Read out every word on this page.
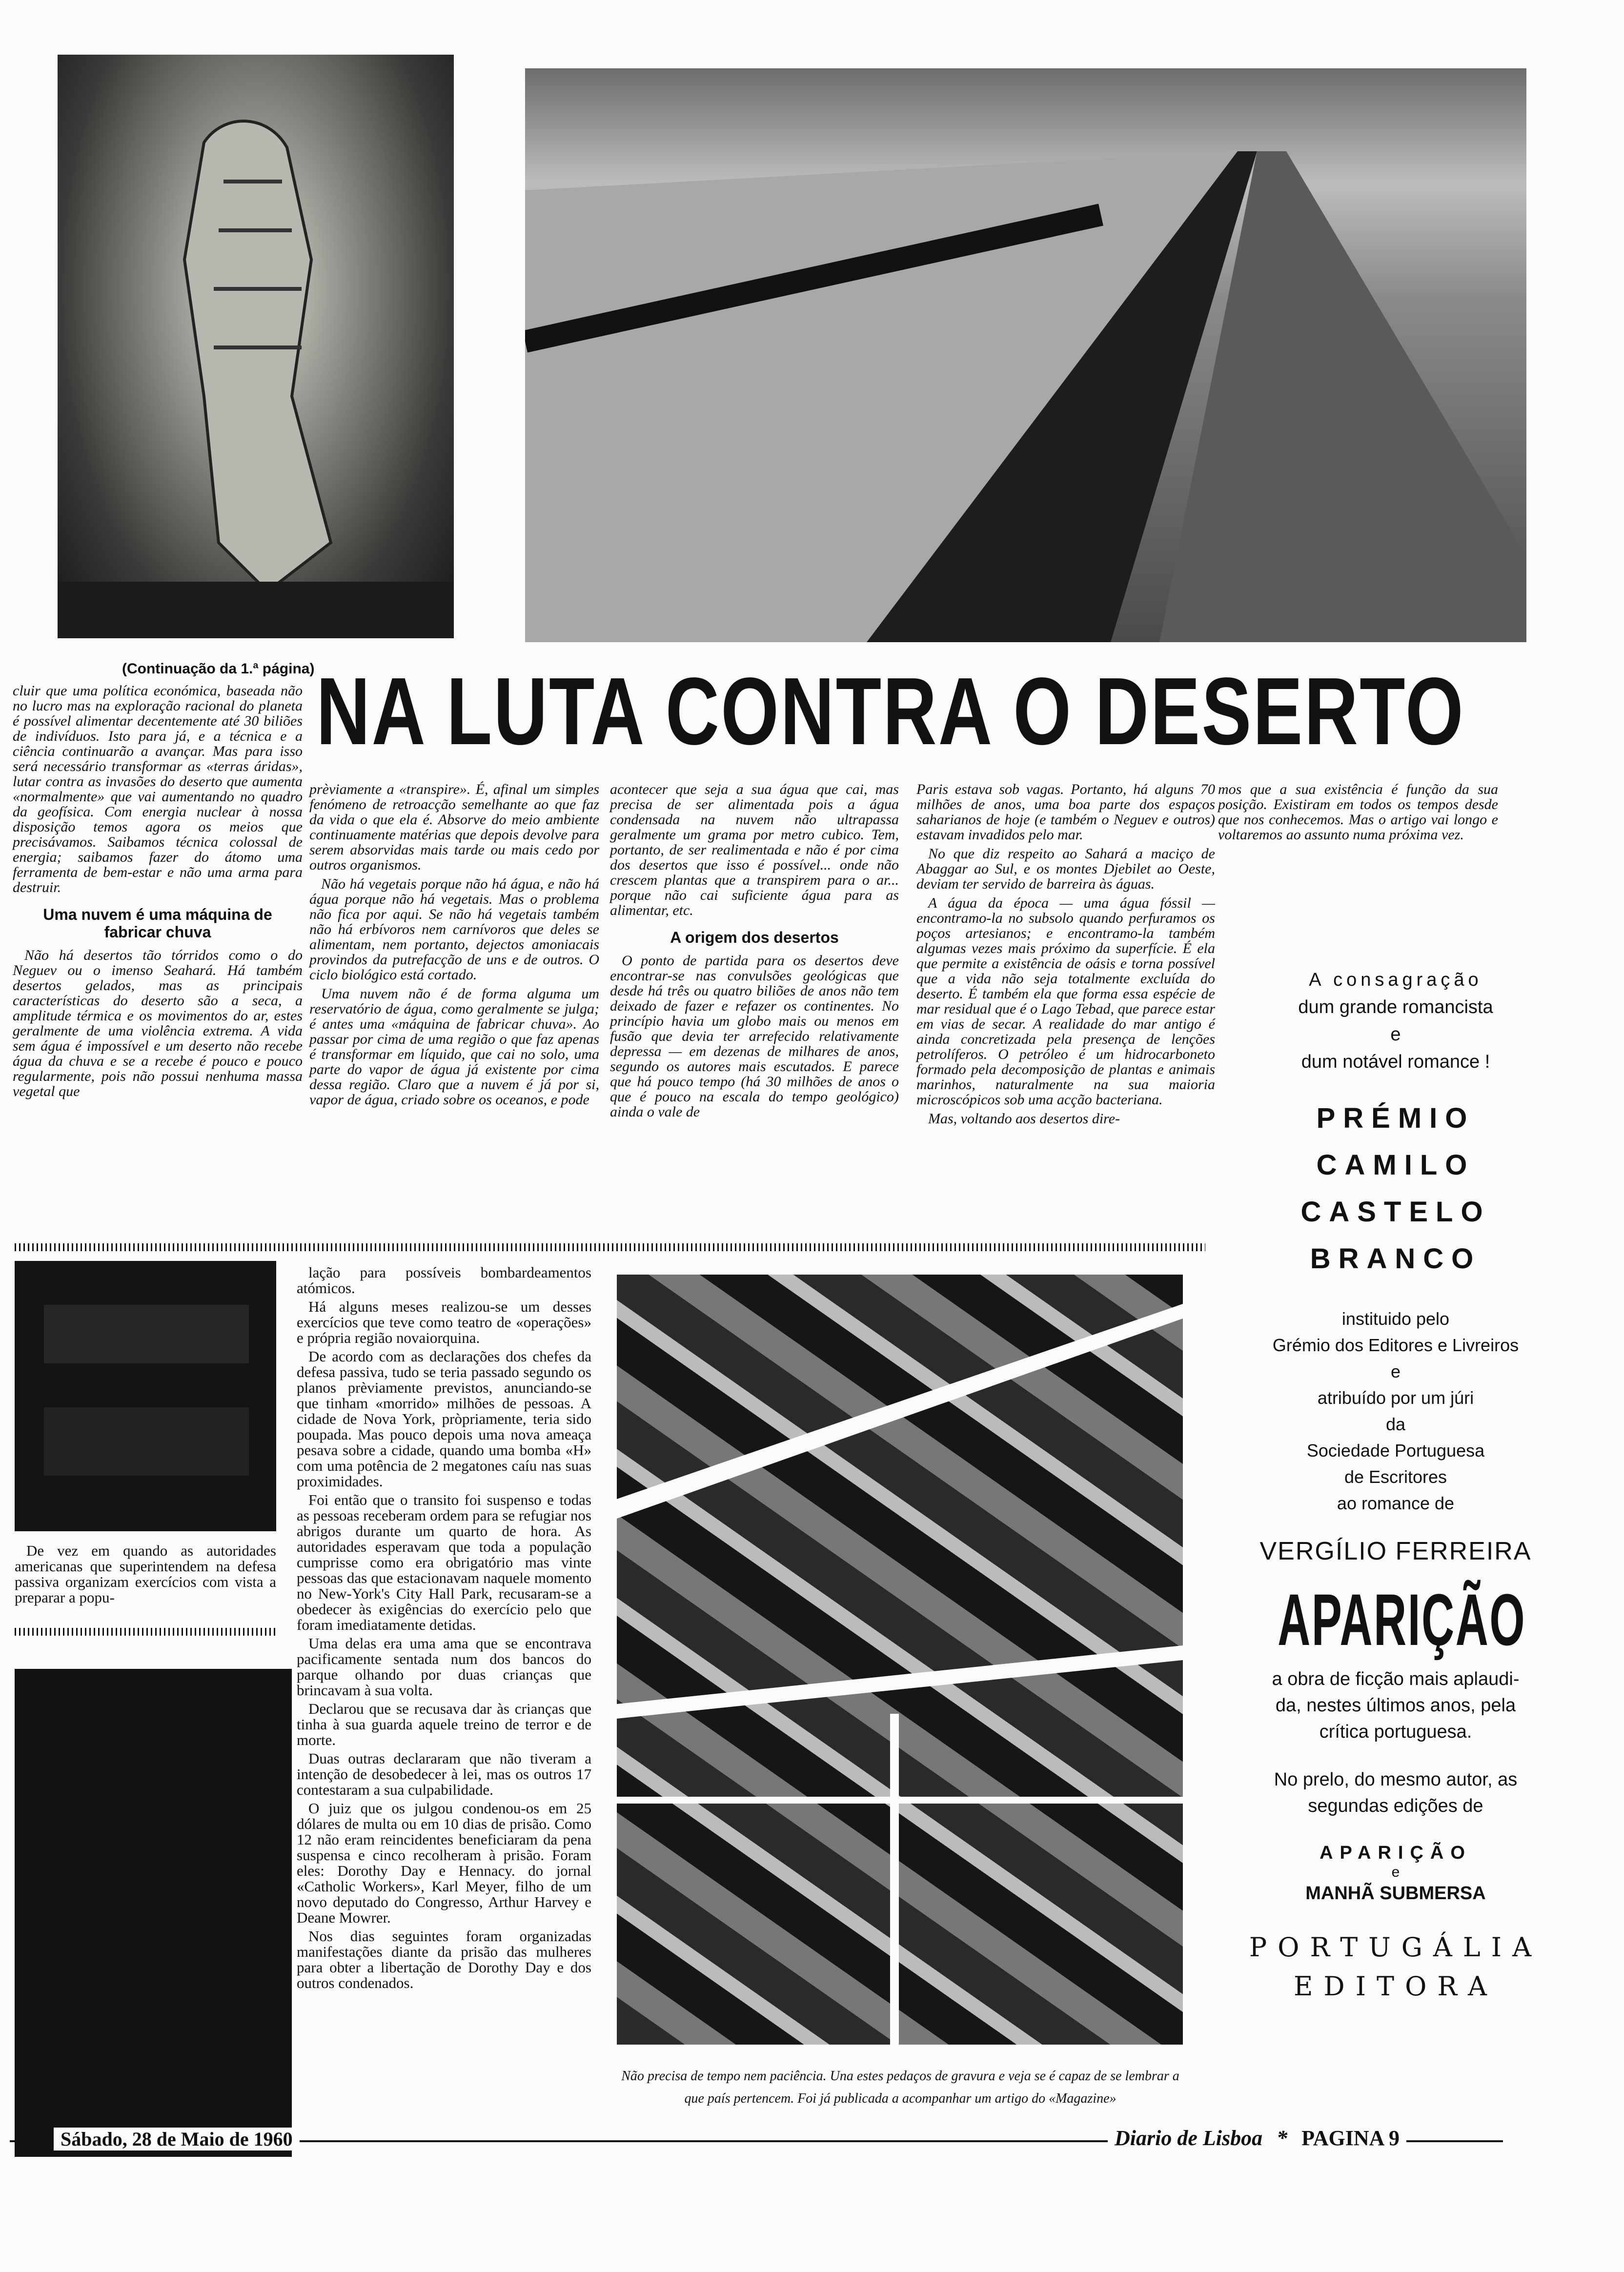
(Continuação da 1.ª página) NA LUTA CONTRA O DESERTO

cluir que uma política económica, baseada não no lucro mas na exploração racional do planeta é possível alimentar decentemente até 30 biliões de indivíduos. Isto para já, e a técnica e a ciência continuarão a avançar. Mas para isso será necessário transformar as «terras áridas», lutar contra as invasões do deserto que aumenta «normalmente» que vai aumentando no quadro da geofísica. Com energia nuclear à nossa disposição temos agora os meios que precisávamos. Saibamos técnica colossal de energia; saibamos fazer do átomo uma ferramenta de bem-estar e não uma arma para destruir.

Uma nuvem é uma máquina de fabricar chuva

Não há desertos tão tórridos como o do Neguev ou o imenso Seahará. Há também desertos gelados, mas as principais características do deserto são a seca, a amplitude térmica e os movimentos do ar, estes geralmente de uma violência extrema. A vida sem água é impossível e um deserto não recebe água da chuva e se a recebe é pouco e pouco regularmente, pois não possui nenhuma massa vegetal que

prèviamente a «transpire». É, afinal um simples fenómeno de retroacção semelhante ao que faz da vida o que ela é. Absorve do meio ambiente continuamente matérias que depois devolve para serem absorvidas mais tarde ou mais cedo por outros organismos.

Não há vegetais porque não há água, e não há água porque não há vegetais. Mas o problema não fica por aqui. Se não há vegetais também não há erbívoros nem carnívoros que deles se alimentam, nem portanto, dejectos amoniacais provindos da putrefacção de uns e de outros. O ciclo biológico está cortado.

Uma nuvem não é de forma alguma um reservatório de água, como geralmente se julga; é antes uma «máquina de fabricar chuva». Ao passar por cima de uma região o que faz apenas é transformar em líquido, que cai no solo, uma parte do vapor de água já existente por cima dessa região. Claro que a nuvem é já por si, vapor de água, criado sobre os oceanos, e pode

acontecer que seja a sua água que cai, mas precisa de ser alimentada pois a água condensada na nuvem não ultrapassa geralmente um grama por metro cubico. Tem, portanto, de ser realimentada e não é por cima dos desertos que isso é possível... onde não crescem plantas que a transpirem para o ar... porque não cai suficiente água para as alimentar, etc.

A origem dos desertos

O ponto de partida para os desertos deve encontrar-se nas convulsões geológicas que desde há três ou quatro biliões de anos não tem deixado de fazer e refazer os continentes. No princípio havia um globo mais ou menos em fusão que devia ter arrefecido relativamente depressa — em dezenas de milhares de anos, segundo os autores mais escutados. E parece que há pouco tempo (há 30 milhões de anos o que é pouco na escala do tempo geológico) ainda o vale de

Paris estava sob vagas. Portanto, há alguns 70 milhões de anos, uma boa parte dos espaços saharianos de hoje (e também o Neguev e outros) estavam invadidos pelo mar.

No que diz respeito ao Sahará a maciço de Abaggar ao Sul, e os montes Djebilet ao Oeste, deviam ter servido de barreira às águas.

A água da época — uma água fóssil — encontramo-la no subsolo quando perfuramos os poços artesianos; e encontramo-la também algumas vezes mais próximo da superfície. É ela que permite a existência de oásis e torna possível que a vida não seja totalmente excluída do deserto. É também ela que forma essa espécie de mar residual que é o Lago Tebad, que parece estar em vias de secar. A realidade do mar antigo é ainda concretizada pela presença de lenções petrolíferos. O petróleo é um hidrocarboneto formado pela decomposição de plantas e animais marinhos, naturalmente na sua maioria microscópicos sob uma acção bacteriana.

Mas, voltando aos desertos dire-

mos que a sua existência é função da sua posição. Existiram em todos os tempos desde que nos conhecemos. Mas o artigo vai longo e voltaremos ao assunto numa próxima vez.

De vez em quando as autoridades americanas que superintendem na defesa passiva organizam exercícios com vista a preparar a popu-

lação para possíveis bombardeamentos atómicos.

Há alguns meses realizou-se um desses exercícios que teve como teatro de «operações» e própria região novaiorquina.

De acordo com as declarações dos chefes da defesa passiva, tudo se teria passado segundo os planos prèviamente previstos, anunciando-se que tinham «morrido» milhões de pessoas. A cidade de Nova York, pròpriamente, teria sido poupada. Mas pouco depois uma nova ameaça pesava sobre a cidade, quando uma bomba «H» com uma potência de 2 megatones caíu nas suas proximidades.

Foi então que o transito foi suspenso e todas as pessoas receberam ordem para se refugiar nos abrigos durante um quarto de hora. As autoridades esperavam que toda a população cumprisse como era obrigatório mas vinte pessoas das que estacionavam naquele momento no New-York's City Hall Park, recusaram-se a obedecer às exigências do exercício pelo que foram imediatamente detidas.

Uma delas era uma ama que se encontrava pacificamente sentada num dos bancos do parque olhando por duas crianças que brincavam à sua volta.

Declarou que se recusava dar às crianças que tinha à sua guarda aquele treino de terror e de morte.

Duas outras declararam que não tiveram a intenção de desobedecer à lei, mas os outros 17 contestaram a sua culpabilidade.

O juiz que os julgou condenou-os em 25 dólares de multa ou em 10 dias de prisão. Como 12 não eram reincidentes beneficiaram da pena suspensa e cinco recolheram à prisão. Foram eles: Dorothy Day e Hennacy. do jornal «Catholic Workers», Karl Meyer, filho de um novo deputado do Congresso, Arthur Harvey e Deane Mowrer.

Nos dias seguintes foram organizadas manifestações diante da prisão das mulheres para obter a libertação de Dorothy Day e dos outros condenados.

Não precisa de tempo nem paciência. Una estes pedaços de gravura e veja se é capaz de se lembrar a que país pertencem. Foi já publicada a acompanhar um artigo do «Magazine»
A consagração
dum grande romancista
e
dum notável romance !
PRÉMIO
CAMILO
CASTELO
BRANCO
instituido pelo
Grémio dos Editores e Livreiros
e
atribuído por um júri
da
Sociedade Portuguesa
de Escritores
ao romance de
VERGÍLIO FERREIRA
APARIÇÃO
a obra de ficção mais aplaudi-
da, nestes últimos anos, pela
crítica portuguesa.
No prelo, do mesmo autor, as
segundas edições de
APARIÇÃO
e
MANHÃ SUBMERSA
PORTUGÁLIA
EDITORA
Sábado, 28 de Maio de 1960	Diario de Lisboa * PAGINA 9
